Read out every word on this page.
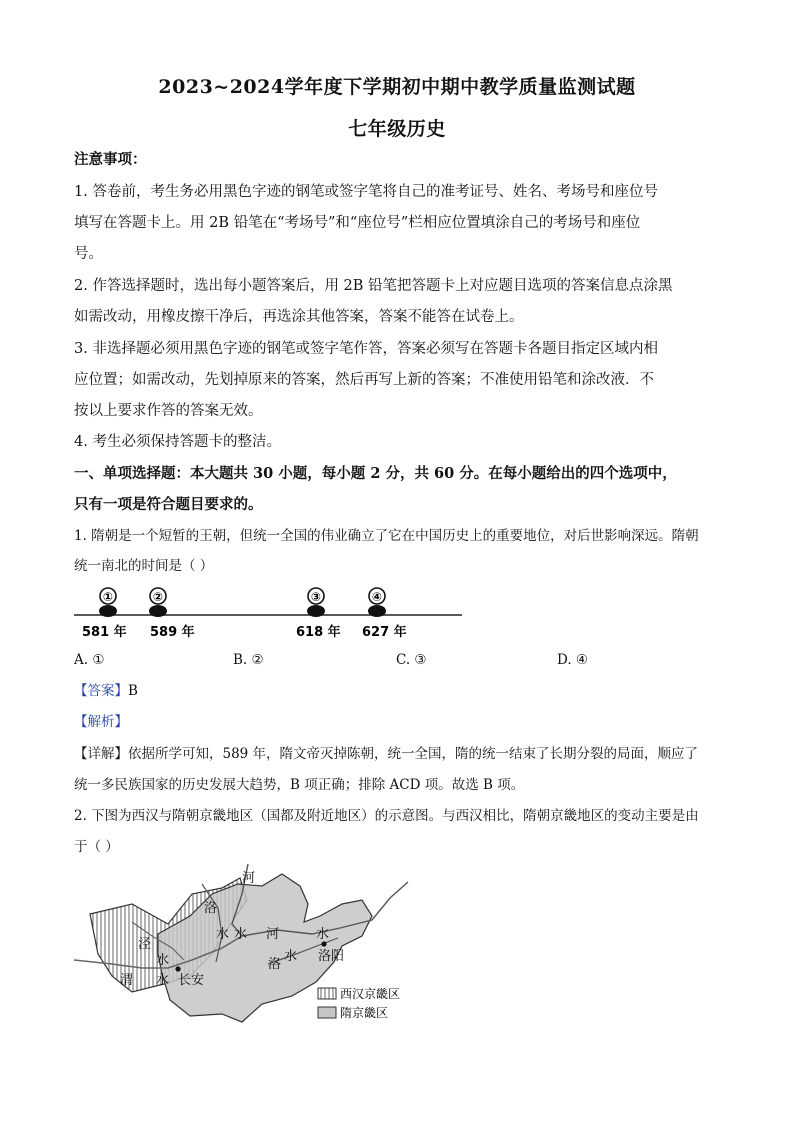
2023~2024学年度下学期初中期中教学质量监测试题
七年级历史
注意事项：
1. 答卷前，考生务必用黑色字迹的钢笔或签字笔将自己的准考证号、姓名、考场号和座位号
填写在答题卡上。用 2B 铅笔在“考场号”和“座位号”栏相应位置填涂自己的考场号和座位
号。
2. 作答选择题时，选出每小题答案后，用 2B 铅笔把答题卡上对应题目选项的答案信息点涂黑
如需改动，用橡皮擦干净后，再选涂其他答案，答案不能答在试卷上。
3. 非选择题必须用黑色字迹的钢笔或签字笔作答，答案必须写在答题卡各题目指定区域内相
应位置；如需改动，先划掉原来的答案，然后再写上新的答案；不准使用铅笔和涂改液．不
按以上要求作答的答案无效。
4. 考生必须保持答题卡的整洁。
一、单项选择题：本大题共 30 小题，每小题 2 分，共 60 分。在每小题给出的四个选项中，
只有一项是符合题目要求的。
1. 隋朝是一个短暂的王朝，但统一全国的伟业确立了它在中国历史上的重要地位，对后世影响深远。隋朝
统一南北的时间是（ ）
①
581 年
②
589 年
③
618 年
④
627 年
A. ①	B. ②	C. ③	D. ④
【答案】B
【解析】
【详解】依据所学可知，589 年，隋文帝灭掉陈朝，统一全国，隋的统一结束了长期分裂的局面，顺应了
统一多民族国家的历史发展大趋势，B 项正确；排除 ACD 项。故选 B 项。
2. 下图为西汉与隋朝京畿地区（国都及附近地区）的示意图。与西汉相比，隋朝京畿地区的变动主要是由
于（ ）
河
洛
泾
水 水 河	水
渭
水
水 长安
洛
水 洛阳
西汉京畿区
隋京畿区
